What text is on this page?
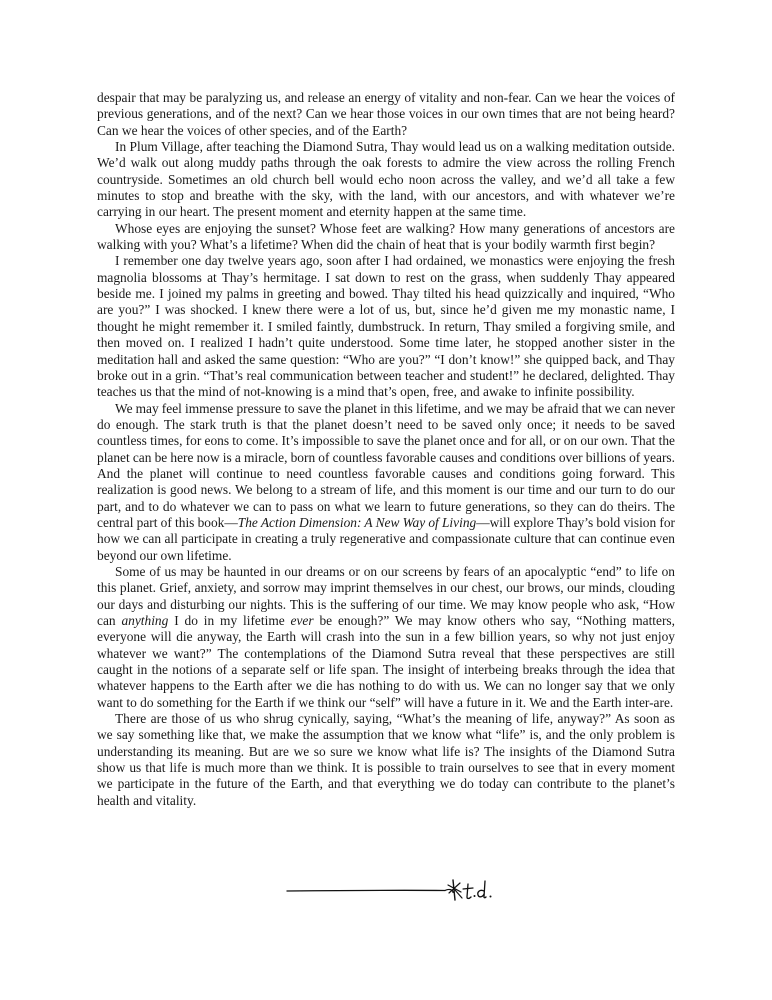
despair that may be paralyzing us, and release an energy of vitality and non-fear. Can we hear the voices of previous generations, and of the next? Can we hear those voices in our own times that are not being heard? Can we hear the voices of other species, and of the Earth?

In Plum Village, after teaching the Diamond Sutra, Thay would lead us on a walking meditation outside. We’d walk out along muddy paths through the oak forests to admire the view across the rolling French countryside. Sometimes an old church bell would echo noon across the valley, and we’d all take a few minutes to stop and breathe with the sky, with the land, with our ancestors, and with whatever we’re carrying in our heart. The present moment and eternity happen at the same time.

Whose eyes are enjoying the sunset? Whose feet are walking? How many generations of ancestors are walking with you? What’s a lifetime? When did the chain of heat that is your bodily warmth first begin?

I remember one day twelve years ago, soon after I had ordained, we monastics were enjoying the fresh magnolia blossoms at Thay’s hermitage. I sat down to rest on the grass, when suddenly Thay appeared beside me. I joined my palms in greeting and bowed. Thay tilted his head quizzically and inquired, “Who are you?” I was shocked. I knew there were a lot of us, but, since he’d given me my monastic name, I thought he might remember it. I smiled faintly, dumbstruck. In return, Thay smiled a forgiving smile, and then moved on. I realized I hadn’t quite understood. Some time later, he stopped another sister in the meditation hall and asked the same question: “Who are you?” “I don’t know!” she quipped back, and Thay broke out in a grin. “That’s real communication between teacher and student!” he declared, delighted. Thay teaches us that the mind of not-knowing is a mind that’s open, free, and awake to infinite possibility.

We may feel immense pressure to save the planet in this lifetime, and we may be afraid that we can never do enough. The stark truth is that the planet doesn’t need to be saved only once; it needs to be saved countless times, for eons to come. It’s impossible to save the planet once and for all, or on our own. That the planet can be here now is a miracle, born of countless favorable causes and conditions over billions of years. And the planet will continue to need countless favorable causes and conditions going forward. This realization is good news. We belong to a stream of life, and this moment is our time and our turn to do our part, and to do whatever we can to pass on what we learn to future generations, so they can do theirs. The central part of this book—The Action Dimension: A New Way of Living—will explore Thay’s bold vision for how we can all participate in creating a truly regenerative and compassionate culture that can continue even beyond our own lifetime.

Some of us may be haunted in our dreams or on our screens by fears of an apocalyptic “end” to life on this planet. Grief, anxiety, and sorrow may imprint themselves in our chest, our brows, our minds, clouding our days and disturbing our nights. This is the suffering of our time. We may know people who ask, “How can anything I do in my lifetime ever be enough?” We may know others who say, “Nothing matters, everyone will die anyway, the Earth will crash into the sun in a few billion years, so why not just enjoy whatever we want?” The contemplations of the Diamond Sutra reveal that these perspectives are still caught in the notions of a separate self or life span. The insight of interbeing breaks through the idea that whatever happens to the Earth after we die has nothing to do with us. We can no longer say that we only want to do something for the Earth if we think our “self” will have a future in it. We and the Earth inter-are.

There are those of us who shrug cynically, saying, “What’s the meaning of life, anyway?” As soon as we say something like that, we make the assumption that we know what “life” is, and the only problem is understanding its meaning. But are we so sure we know what life is? The insights of the Diamond Sutra show us that life is much more than we think. It is possible to train ourselves to see that in every moment we participate in the future of the Earth, and that everything we do today can contribute to the planet’s health and vitality.
